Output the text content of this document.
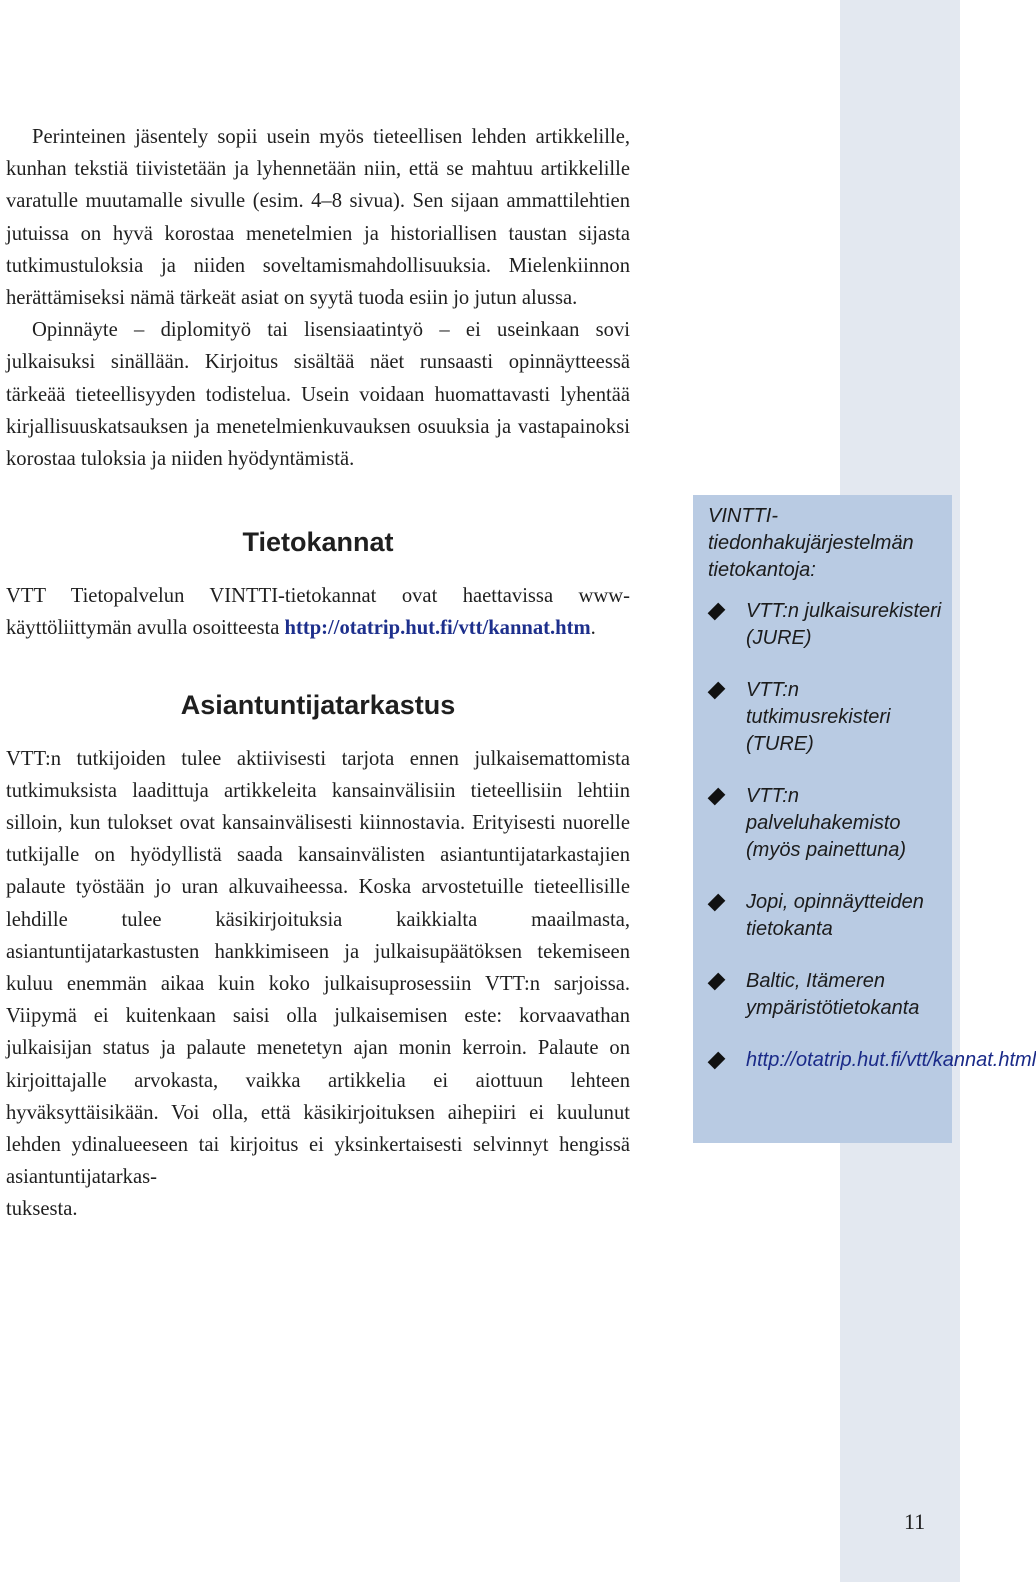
Perinteinen jäsentely sopii usein myös tieteellisen lehden artikkelille, kunhan tekstiä tiivistetään ja lyhennetään niin, että se mahtuu artikkelille varatulle muutamalle sivulle (esim. 4–8 sivua). Sen sijaan ammattilehtien jutuissa on hyvä korostaa menetelmien ja historiallisen taustan sijasta tutkimustuloksia ja niiden soveltamismahdollisuuksia. Mielenkiinnon herättämiseksi nämä tärkeät asiat on syytä tuoda esiin jo jutun alussa.

Opinnäyte – diplomityö tai lisensiaatintyö – ei useinkaan sovi julkaisuksi sinällään. Kirjoitus sisältää näet runsaasti opinnäytteessä tärkeää tieteellisyyden todistelua. Usein voidaan huomattavasti lyhentää kirjallisuuskatsauksen ja menetelmienkuvauksen osuuksia ja vastapainoksi korostaa tuloksia ja niiden hyödyntämistä.

Tietokannat

VTT Tietopalvelun VINTTI-tietokannat ovat haettavissa www-käyttöliittymän avulla osoitteesta http://otatrip.hut.fi/vtt/kannat.htm.

Asiantuntijatarkastus

VTT:n tutkijoiden tulee aktiivisesti tarjota ennen julkaisemattomista tutkimuksista laadittuja artikkeleita kansainvälisiin tieteellisiin lehtiin silloin, kun tulokset ovat kansainvälisesti kiinnostavia. Erityisesti nuorelle tutkijalle on hyödyllistä saada kansainvälisten asiantuntijatarkastajien palaute työstään jo uran alkuvaiheessa. Koska arvostetuille tieteellisille lehdille tulee käsikirjoituksia kaikkialta maailmasta, asiantuntijatarkastusten hankkimiseen ja julkaisupäätöksen tekemiseen kuluu enemmän aikaa kuin koko julkaisuprosessiin VTT:n sarjoissa. Viipymä ei kuitenkaan saisi olla julkaisemisen este: korvaavathan julkaisijan status ja palaute menetetyn ajan monin kerroin. Palaute on kirjoittajalle arvokasta, vaikka artikkelia ei aiottuun lehteen hyväksyttäisikään. Voi olla, että käsikirjoituksen aihepiiri ei kuulunut lehden ydinalueeseen tai kirjoitus ei yksinkertaisesti selvinnyt hengissä asiantuntijatarkas-
tuksesta.

VINTTI-tiedonhakujärjestelmän tietokantoja:

VTT:n julkaisurekisteri (JURE)
VTT:n tutkimusrekisteri (TURE)
VTT:n palveluhakemisto (myös painettuna)
Jopi, opinnäytteiden tietokanta
Baltic, Itämeren ympäristötietokanta
http://otatrip.hut.fi/vtt/kannat.html
11
